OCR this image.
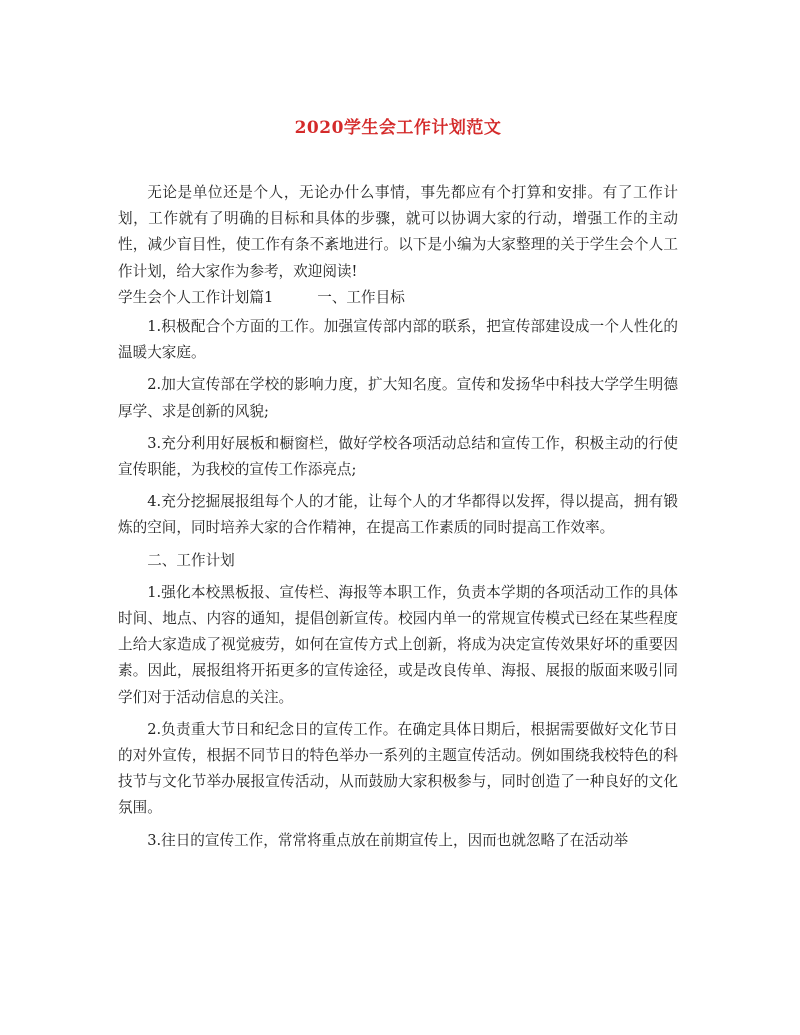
2020学生会工作计划范文

无论是单位还是个人，无论办什么事情，事先都应有个打算和安排。有了工作计划，工作就有了明确的目标和具体的步骤，就可以协调大家的行动，增强工作的主动性，减少盲目性，使工作有条不紊地进行。以下是小编为大家整理的关于学生会个人工作计划，给大家作为参考，欢迎阅读!

学生会个人工作计划篇1	一、工作目标

1.积极配合个方面的工作。加强宣传部内部的联系，把宣传部建设成一个人性化的温暖大家庭。

2.加大宣传部在学校的影响力度，扩大知名度。宣传和发扬华中科技大学学生明德厚学、求是创新的风貌;

3.充分利用好展板和橱窗栏，做好学校各项活动总结和宣传工作，积极主动的行使宣传职能，为我校的宣传工作添亮点;

4.充分挖掘展报组每个人的才能，让每个人的才华都得以发挥，得以提高，拥有锻炼的空间，同时培养大家的合作精神，在提高工作素质的同时提高工作效率。

二、工作计划

1.强化本校黑板报、宣传栏、海报等本职工作，负责本学期的各项活动工作的具体时间、地点、内容的通知，提倡创新宣传。校园内单一的常规宣传模式已经在某些程度上给大家造成了视觉疲劳，如何在宣传方式上创新，将成为决定宣传效果好坏的重要因素。因此，展报组将开拓更多的宣传途径，或是改良传单、海报、展报的版面来吸引同学们对于活动信息的关注。

2.负责重大节日和纪念日的宣传工作。在确定具体日期后，根据需要做好文化节日的对外宣传，根据不同节日的特色举办一系列的主题宣传活动。例如围绕我校特色的科技节与文化节举办展报宣传活动，从而鼓励大家积极参与，同时创造了一种良好的文化氛围。

3.往日的宣传工作，常常将重点放在前期宣传上，因而也就忽略了在活动举
